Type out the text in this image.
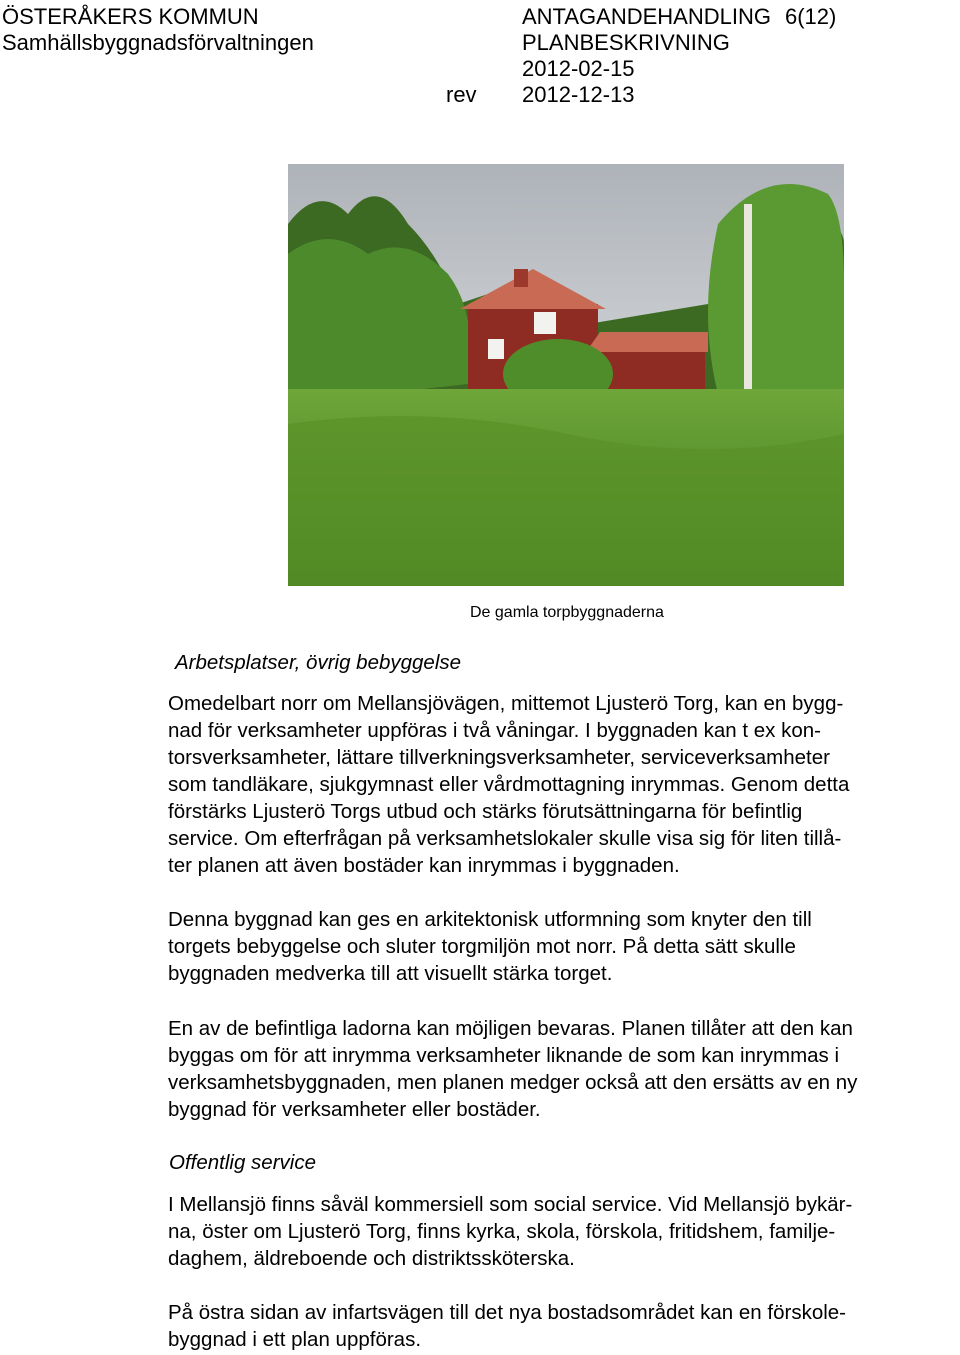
ÖSTERÅKERS KOMMUN
Samhällsbyggnadsförvaltningen
ANTAGANDEHANDLING 6(12)
PLANBESKRIVNING
2012-02-15
rev	2012-12-13
De gamla torpbyggnaderna
Arbetsplatser, övrig bebyggelse
Omedelbart norr om Mellansjövägen, mittemot Ljusterö Torg, kan en bygg-
nad för verksamheter uppföras i två våningar. I byggnaden kan t ex kon-
torsverksamheter, lättare tillverkningsverksamheter, serviceverksamheter
som tandläkare, sjukgymnast eller vårdmottagning inrymmas. Genom detta
förstärks Ljusterö Torgs utbud och stärks förutsättningarna för befintlig
service. Om efterfrågan på verksamhetslokaler skulle visa sig för liten tillå-
ter planen att även bostäder kan inrymmas i byggnaden.
Denna byggnad kan ges en arkitektonisk utformning som knyter den till
torgets bebyggelse och sluter torgmiljön mot norr. På detta sätt skulle
byggnaden medverka till att visuellt stärka torget.
En av de befintliga ladorna kan möjligen bevaras. Planen tillåter att den kan
byggas om för att inrymma verksamheter liknande de som kan inrymmas i
verksamhetsbyggnaden, men planen medger också att den ersätts av en ny
byggnad för verksamheter eller bostäder.
Offentlig service
I Mellansjö finns såväl kommersiell som social service. Vid Mellansjö bykär-
na, öster om Ljusterö Torg, finns kyrka, skola, förskola, fritidshem, familje-
daghem, äldreboende och distriktssköterska.
På östra sidan av infartsvägen till det nya bostadsområdet kan en förskole-
byggnad i ett plan uppföras.
